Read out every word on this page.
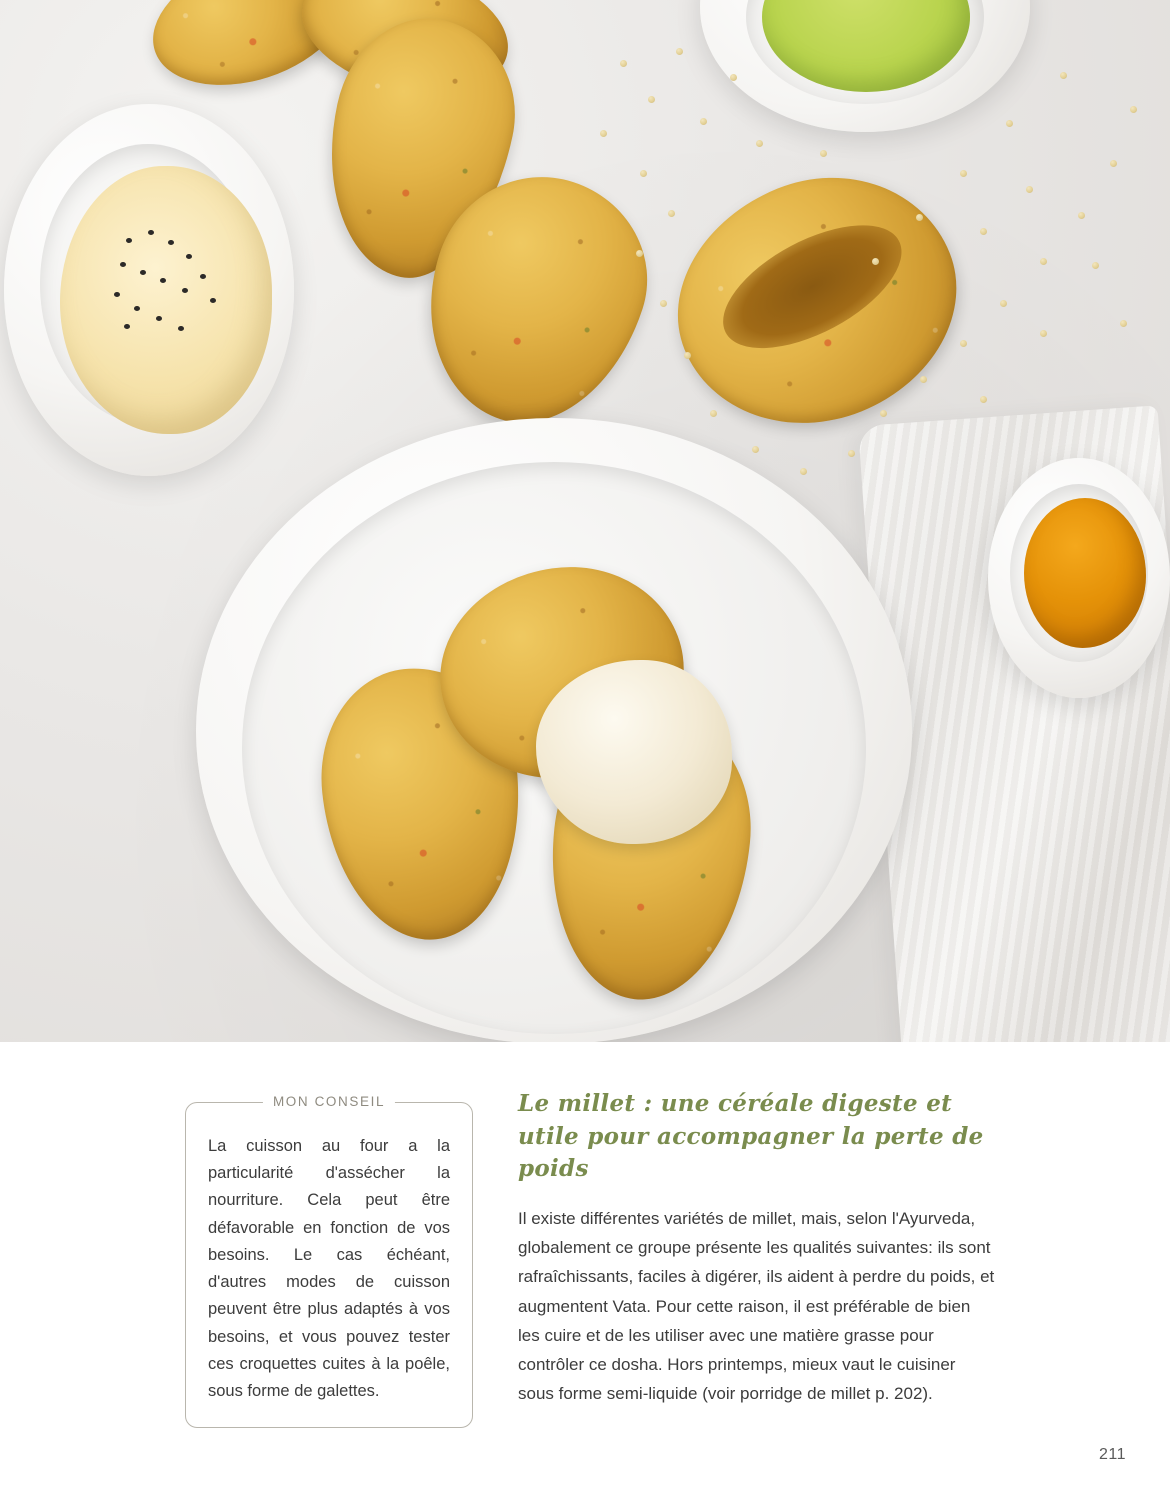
MON CONSEIL

La cuisson au four a la particularité d'assécher la nourriture. Cela peut être défavorable en fonction de vos besoins. Le cas échéant, d'autres modes de cuisson peuvent être plus adaptés à vos besoins, et vous pouvez tester ces croquettes cuites à la poêle, sous forme de galettes.

Le millet : une céréale digeste et utile pour accompagner la perte de poids

Il existe différentes variétés de millet, mais, selon l'Ayurveda, globalement ce groupe présente les qualités suivantes: ils sont rafraîchissants, faciles à digérer, ils aident à perdre du poids, et augmentent Vata. Pour cette raison, il est préférable de bien les cuire et de les utiliser avec une matière grasse pour contrôler ce dosha. Hors printemps, mieux vaut le cuisiner sous forme semi-liquide (voir porridge de millet p. 202).

211
